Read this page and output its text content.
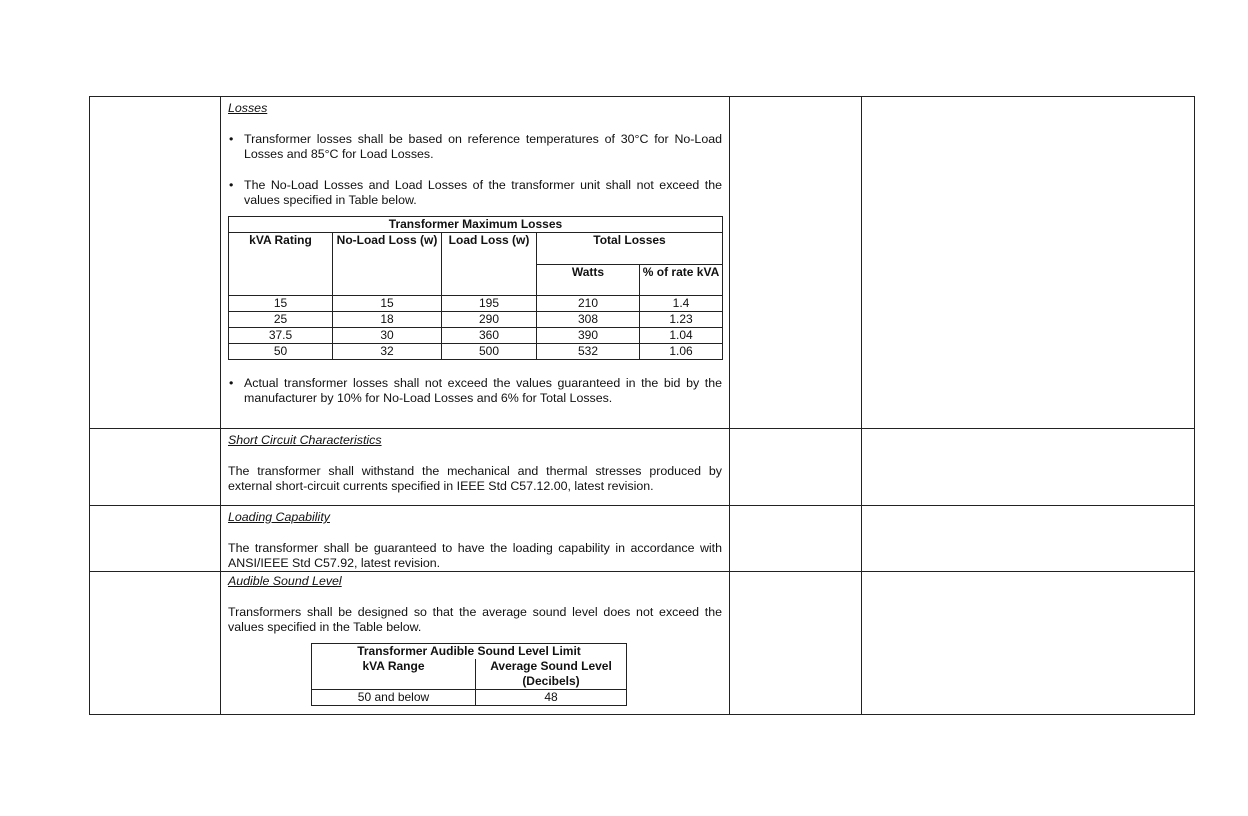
Losses
• Transformer losses shall be based on reference temperatures of 30°C for No-Load Losses and 85°C for Load Losses.
• The No-Load Losses and Load Losses of the transformer unit shall not exceed the values specified in Table below.
Transformer Maximum Losses
kVA Rating	No-Load Loss (w)	Load Loss (w)	Total Losses
Watts	% of rate kVA
15	15	195	210	1.4
25	18	290	308	1.23
37.5	30	360	390	1.04
50	32	500	532	1.06
• Actual transformer losses shall not exceed the values guaranteed in the bid by the manufacturer by 10% for No-Load Losses and 6% for Total Losses.

Short Circuit Characteristics

The transformer shall withstand the mechanical and thermal stresses produced by external short-circuit currents specified in IEEE Std C57.12.00, latest revision.

Loading Capability

The transformer shall be guaranteed to have the loading capability in accordance with ANSI/IEEE Std C57.92, latest revision.

Audible Sound Level

Transformers shall be designed so that the average sound level does not exceed the values specified in the Table below.

Transformer Audible Sound Level Limit
kVA Range	Average Sound Level (Decibels)
50 and below	48
